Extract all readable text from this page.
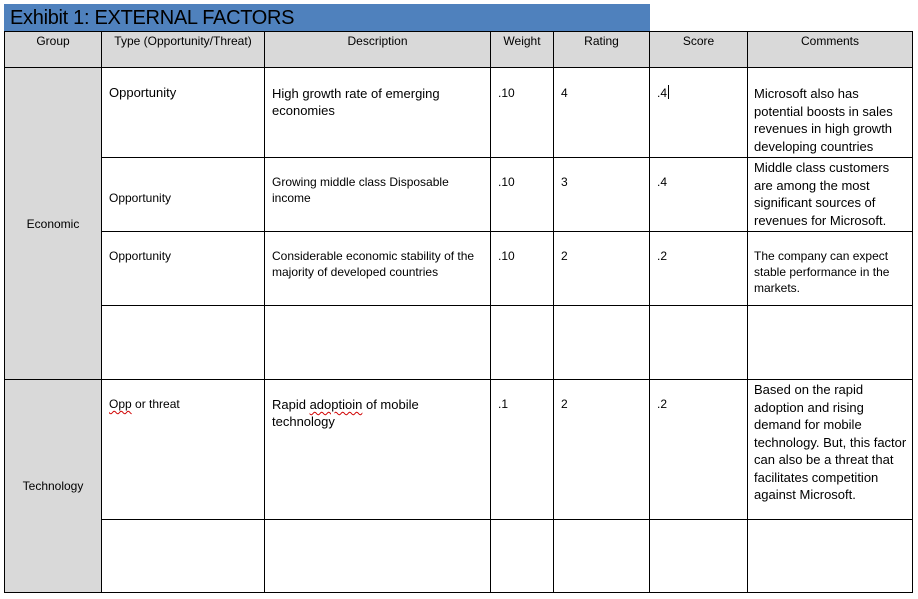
Exhibit 1: EXTERNAL FACTORS
Group	Type (Opportunity/Threat)	Description	Weight	Rating	Score	Comments
Economic	Opportunity	High growth rate of emerging economies	.10	4	.4	Microsoft also has potential boosts in sales revenues in high growth developing countries
	Opportunity	Growing middle class Disposable income	.10	3	.4	Middle class customers are among the most significant sources of revenues for Microsoft.
	Opportunity	Considerable economic stability of the majority of developed countries	.10	2	.2	The company can expect stable performance in the markets.

Technology	Opp or threat	Rapid adoptioin of mobile technology	.1	2	.2	Based on the rapid adoption and rising demand for mobile technology. But, this factor can also be a threat that facilitates competition against Microsoft.
